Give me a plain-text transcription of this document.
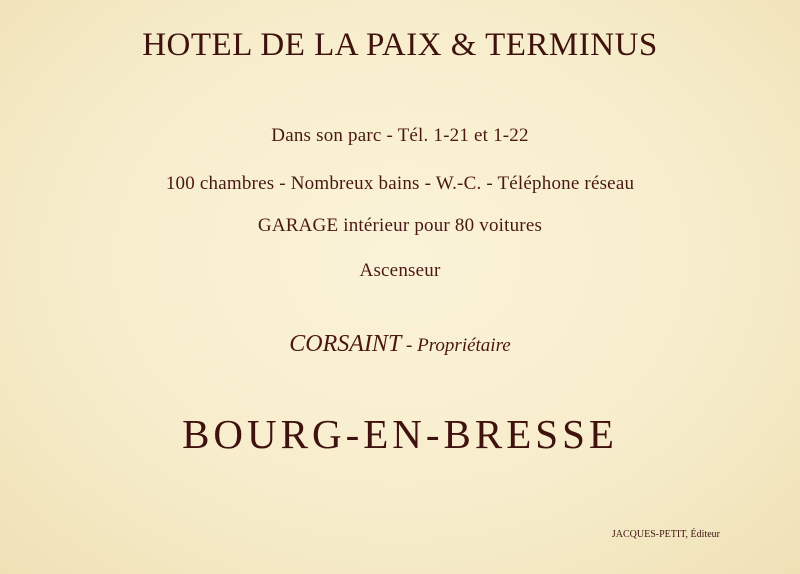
HOTEL DE LA PAIX & TERMINUS
Dans son parc - Tél. 1-21 et 1-22
100 chambres - Nombreux bains - W.-C. - Téléphone réseau
GARAGE intérieur pour 80 voitures
Ascenseur
CORSAINT - Propriétaire
BOURG-EN-BRESSE
JACQUES-PETIT, Éditeur
